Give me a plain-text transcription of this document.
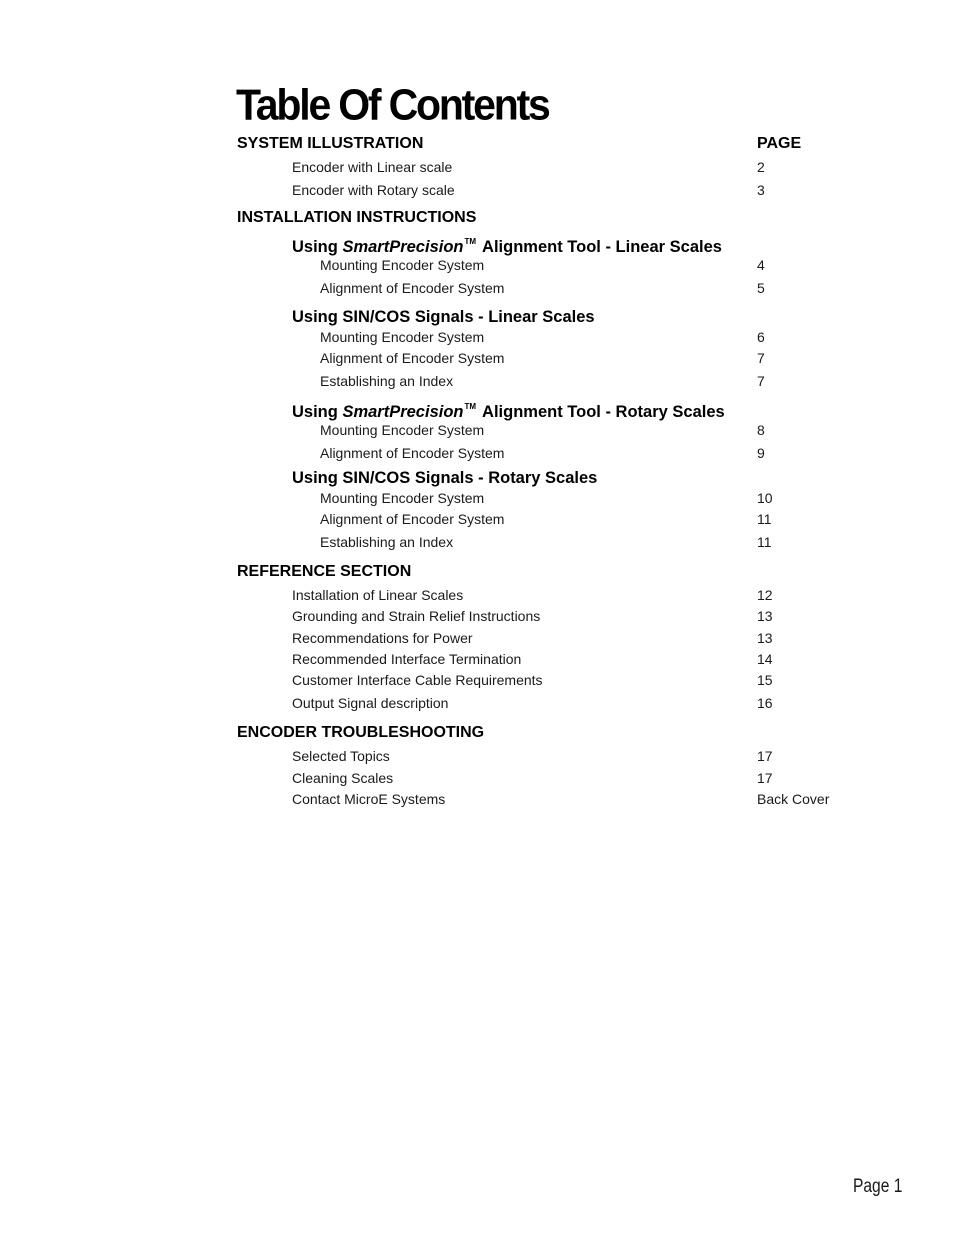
Table Of Contents
SYSTEM ILLUSTRATION	PAGE
Encoder with Linear scale	2
Encoder with Rotary scale	3
INSTALLATION INSTRUCTIONS
Using SmartPrecision™ Alignment Tool - Linear Scales
Mounting Encoder System	4
Alignment of Encoder System	5
Using SIN/COS Signals - Linear Scales
Mounting Encoder System	6
Alignment of Encoder System	7
Establishing an Index	7
Using SmartPrecision™ Alignment Tool - Rotary Scales
Mounting Encoder System	8
Alignment of Encoder System	9
Using SIN/COS Signals - Rotary Scales
Mounting Encoder System	10
Alignment of Encoder System	11
Establishing an Index	11
REFERENCE SECTION
Installation of Linear Scales	12
Grounding and Strain Relief Instructions	13
Recommendations for Power	13
Recommended Interface Termination	14
Customer Interface Cable Requirements	15
Output Signal description	16
ENCODER TROUBLESHOOTING
Selected Topics	17
Cleaning Scales	17
Contact MicroE Systems	Back Cover
Page 1
